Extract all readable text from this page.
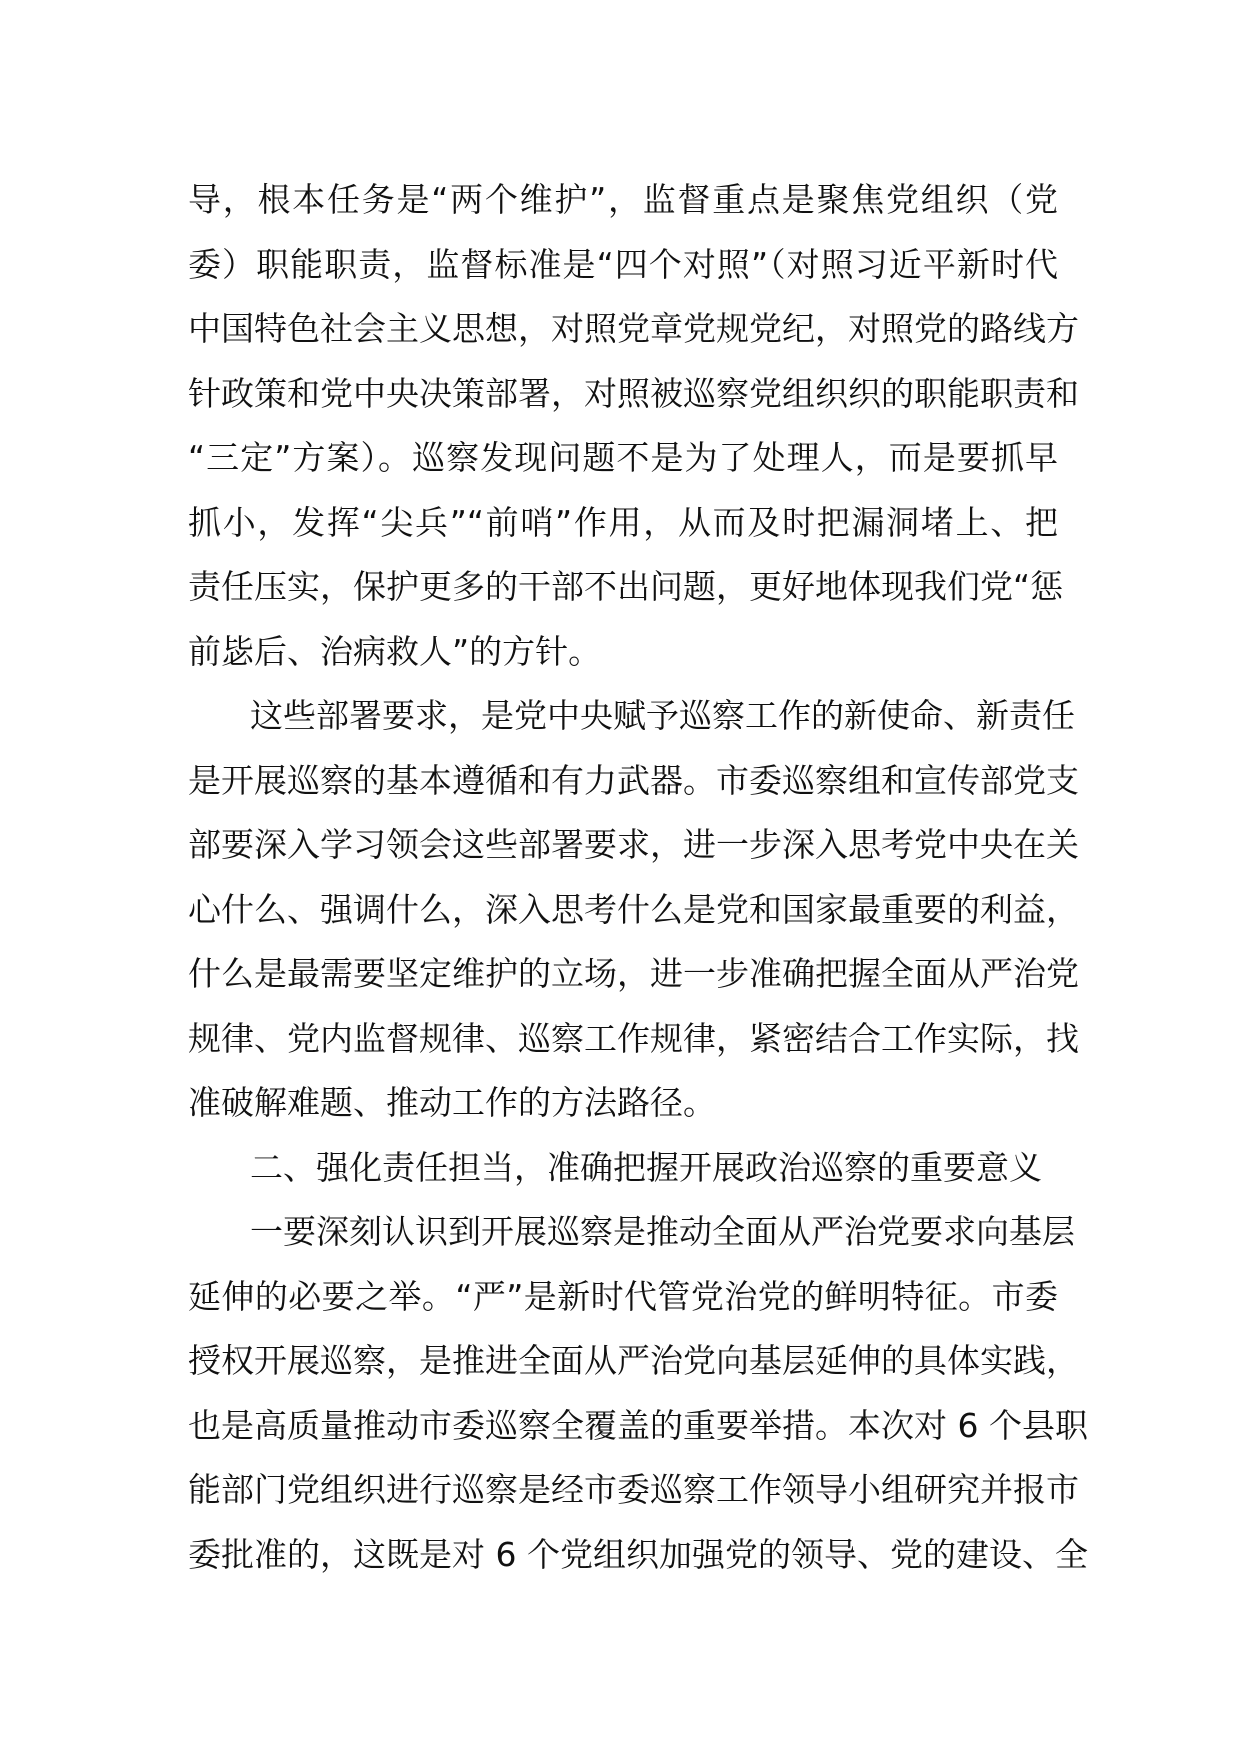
导，根本任务是“两个维护”，监督重点是聚焦党组织（党
委）职能职责，监督标准是“四个对照”（对照习近平新时代
中国特色社会主义思想，对照党章党规党纪，对照党的路线方
针政策和党中央决策部署，对照被巡察党组织织的职能职责和
“三定”方案）。巡察发现问题不是为了处理人，而是要抓早
抓小，发挥“尖兵”“前哨”作用，从而及时把漏洞堵上、把
责任压实，保护更多的干部不出问题，更好地体现我们党“惩
前毖后、治病救人”的方针。
这些部署要求，是党中央赋予巡察工作的新使命、新责任
是开展巡察的基本遵循和有力武器。市委巡察组和宣传部党支
部要深入学习领会这些部署要求，进一步深入思考党中央在关
心什么、强调什么，深入思考什么是党和国家最重要的利益，
什么是最需要坚定维护的立场，进一步准确把握全面从严治党
规律、党内监督规律、巡察工作规律，紧密结合工作实际，找
准破解难题、推动工作的方法路径。
二、强化责任担当，准确把握开展政治巡察的重要意义
一要深刻认识到开展巡察是推动全面从严治党要求向基层
延伸的必要之举。“严”是新时代管党治党的鲜明特征。市委
授权开展巡察，是推进全面从严治党向基层延伸的具体实践，
也是高质量推动市委巡察全覆盖的重要举措。本次对 6 个县职
能部门党组织进行巡察是经市委巡察工作领导小组研究并报市
委批准的，这既是对 6 个党组织加强党的领导、党的建设、全
